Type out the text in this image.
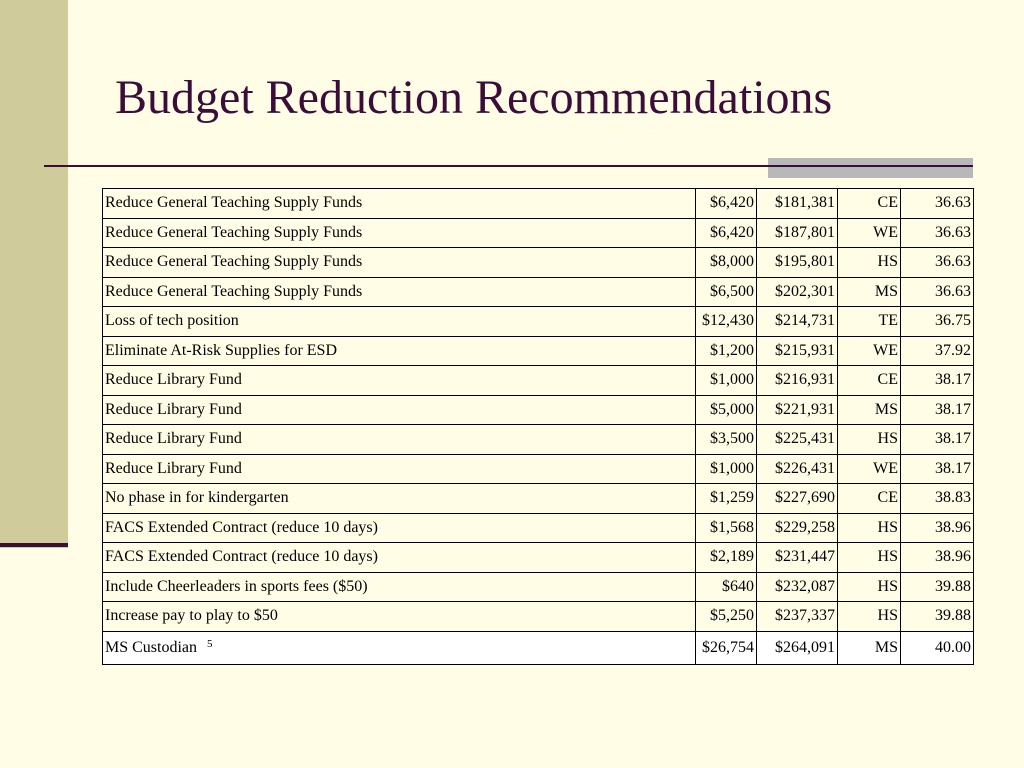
Budget Reduction Recommendations
Reduce General Teaching Supply Funds	$6,420	$181,381	CE	36.63
Reduce General Teaching Supply Funds	$6,420	$187,801	WE	36.63
Reduce General Teaching Supply Funds	$8,000	$195,801	HS	36.63
Reduce General Teaching Supply Funds	$6,500	$202,301	MS	36.63
Loss of tech position	$12,430	$214,731	TE	36.75
Eliminate At-Risk Supplies for ESD	$1,200	$215,931	WE	37.92
Reduce Library Fund	$1,000	$216,931	CE	38.17
Reduce Library Fund	$5,000	$221,931	MS	38.17
Reduce Library Fund	$3,500	$225,431	HS	38.17
Reduce Library Fund	$1,000	$226,431	WE	38.17
No phase in for kindergarten	$1,259	$227,690	CE	38.83
FACS Extended Contract (reduce 10 days)	$1,568	$229,258	HS	38.96
FACS Extended Contract (reduce 10 days)	$2,189	$231,447	HS	38.96
Include Cheerleaders in sports fees ($50)	$640	$232,087	HS	39.88
Increase pay to play to $50	$5,250	$237,337	HS	39.88
MS Custodian $^5$	$26,754	$264,091	MS	40.00
